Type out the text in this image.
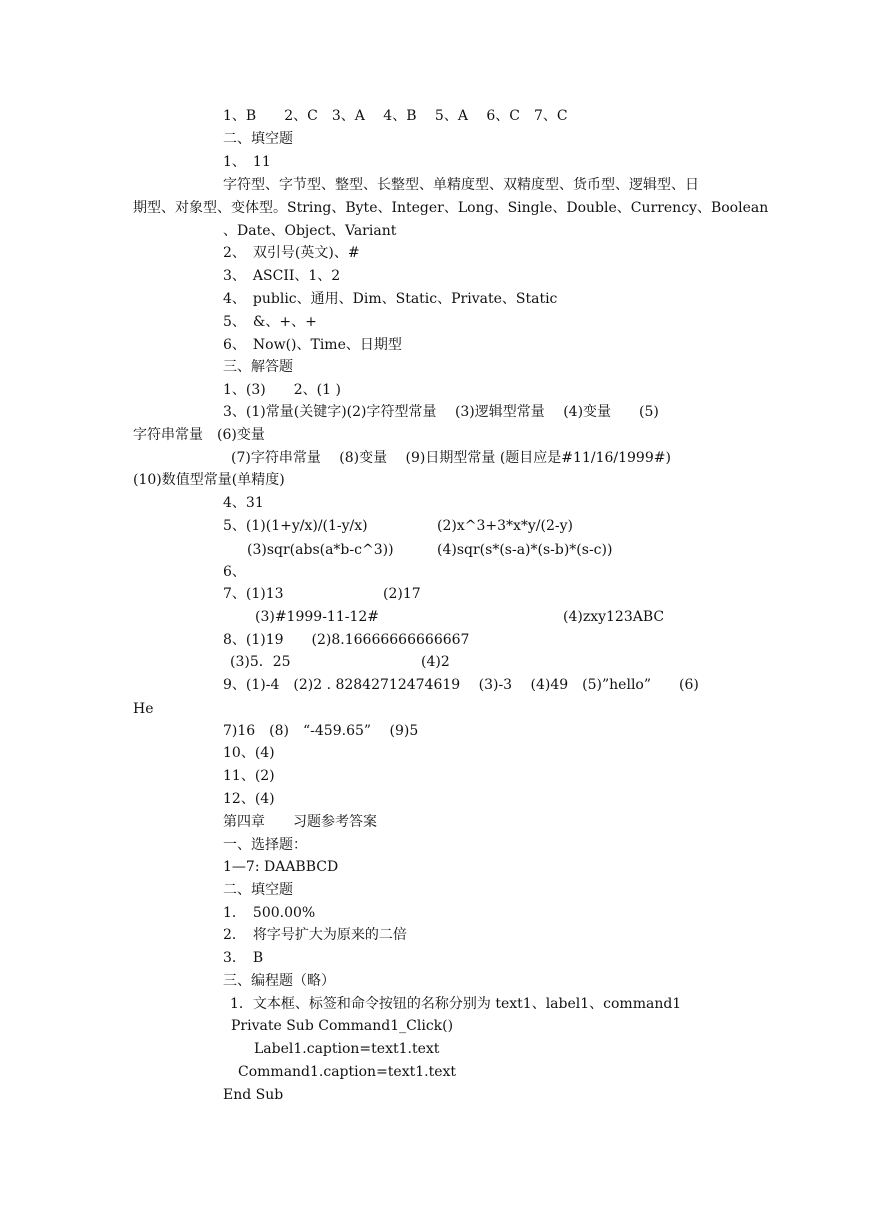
1、B　　2、C　3、A　 4、B　 5、A　 6、C　7、C
二、填空题
1、　11
字符型、字节型、整型、长整型、单精度型、双精度型、货币型、逻辑型、日
期型、对象型、变体型。String、Byte、Integer、Long、Single、Double、Currency、Boolean
、Date、Object、Variant
2、　双引号(英文)、#
3、　ASCII、1、2
4、　public、通用、Dim、Static、Private、Static
5、　&、+、+
6、　Now()、Time、日期型
三、解答题
1、(3)　　2、(1 )
3、(1)常量(关键字)(2)字符型常量　 (3)逻辑型常量　 (4)变量　　(5)
字符串常量　(6)变量
(7)字符串常量　 (8)变量　 (9)日期型常量 (题目应是#11/16/1999#)
(10)数值型常量(单精度)
4、31
5、(1)(1+y/x)/(1-y/x)	(2)x^3+3*x*y/(2-y)
(3)sqr(abs(a*b-c^3))	(4)sqr(s*(s-a)*(s-b)*(s-c))
6、
7、(1)13	(2)17
(3)#1999-11-12#	(4)zxy123ABC
8、(1)19　　(2)8.16666666666667
(3)5．25	(4)2
9、(1)-4　(2)2 . 82842712474619　 (3)-3　 (4)49　(5)”hello”　　(6)
He
7)16　(8)　“-459.65”　 (9)5
10、(4)
11、(2)
12、(4)
第四章　　习题参考答案
一、选择题：
1—7: DAABBCD
二、填空题
1．　500.00%
2．　将字号扩大为原来的二倍
3．　B
三、编程题（略）
1．文本框、标签和命令按钮的名称分别为 text1、label1、command1
Private Sub Command1_Click()
Label1.caption=text1.text
Command1.caption=text1.text
End Sub
